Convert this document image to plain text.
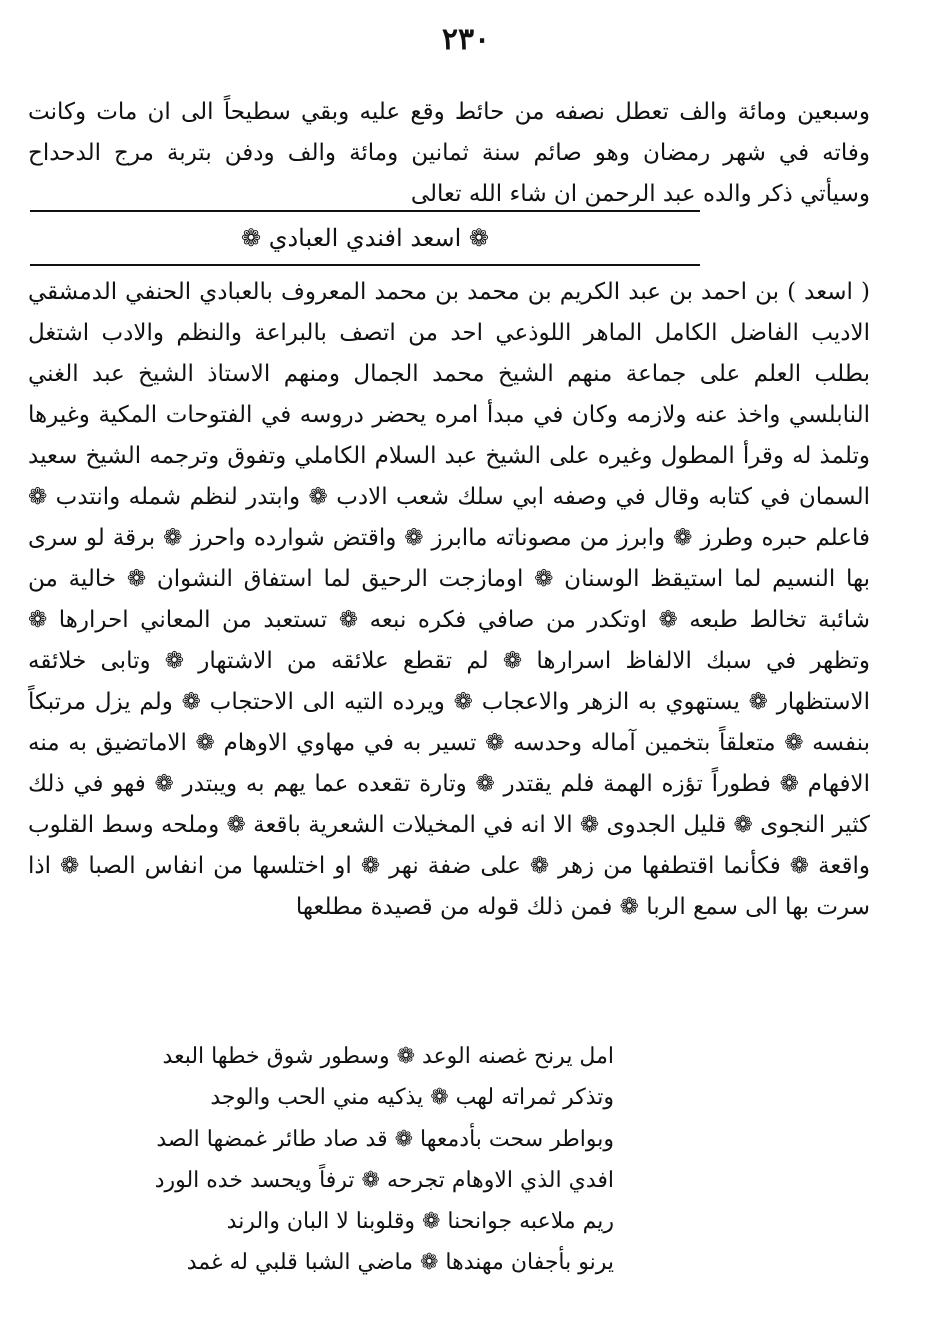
٢٣٠
وسبعين ومائة والف تعطل نصفه من حائط وقع عليه وبقي سطيحاً الى ان مات وكانت وفاته في شهر رمضان وهو صائم سنة ثمانين ومائة والف ودفن بتربة مرج الدحداح وسيأتي ذكر والده عبد الرحمن ان شاء الله تعالى
❁ اسعد افندي العبادي ❁
( اسعد ) بن احمد بن عبد الكريم بن محمد بن محمد المعروف بالعبادي الحنفي الدمشقي الاديب الفاضل الكامل الماهر اللوذعي احد من اتصف بالبراعة والنظم والادب اشتغل بطلب العلم على جماعة منهم الشيخ محمد الجمال ومنهم الاستاذ الشيخ عبد الغني النابلسي واخذ عنه ولازمه وكان في مبدأ امره يحضر دروسه في الفتوحات المكية وغيرها وتلمذ له وقرأ المطول وغيره على الشيخ عبد السلام الكاملي وتفوق وترجمه الشيخ سعيد السمان في كتابه وقال في وصفه ابي سلك شعب الادب ❁ وابتدر لنظم شمله وانتدب ❁ فاعلم حبره وطرز ❁ وابرز من مصوناته ماابرز ❁ واقتض شوارده واحرز ❁ برقة لو سرى بها النسيم لما استيقظ الوسنان ❁ اومازجت الرحيق لما استفاق النشوان ❁ خالية من شائبة تخالط طبعه ❁ اوتكدر من صافي فكره نبعه ❁ تستعبد من المعاني احرارها ❁ وتظهر في سبك الالفاظ اسرارها ❁ لم تقطع علائقه من الاشتهار ❁ وتابى خلائقه الاستظهار ❁ يستهوي به الزهر والاعجاب ❁ ويرده التيه الى الاحتجاب ❁ ولم يزل مرتبكاً بنفسه ❁ متعلقاً بتخمين آماله وحدسه ❁ تسير به في مهاوي الاوهام ❁ الاماتضيق به منه الافهام ❁ فطوراً تؤزه الهمة فلم يقتدر ❁ وتارة تقعده عما يهم به ويبتدر ❁ فهو في ذلك كثير النجوى ❁ قليل الجدوى ❁ الا انه في المخيلات الشعرية باقعة ❁ وملحه وسط القلوب واقعة ❁ فكأنما اقتطفها من زهر ❁ على ضفة نهر ❁ او اختلسها من انفاس الصبا ❁ اذا سرت بها الى سمع الربا ❁ فمن ذلك قوله من قصيدة مطلعها
امل يرنح غصنه الوعد ❁ وسطور شوق خطها البعد
وتذكر ثمراته لهب ❁ يذكيه مني الحب والوجد
وبواطر سحت بأدمعها ❁ قد صاد طائر غمضها الصد
افدي الذي الاوهام تجرحه ❁ ترفاً ويحسد خده الورد
ريم ملاعبه جوانحنا ❁ وقلوبنا لا البان والرند
يرنو بأجفان مهندها ❁ ماضي الشبا قلبي له غمد
